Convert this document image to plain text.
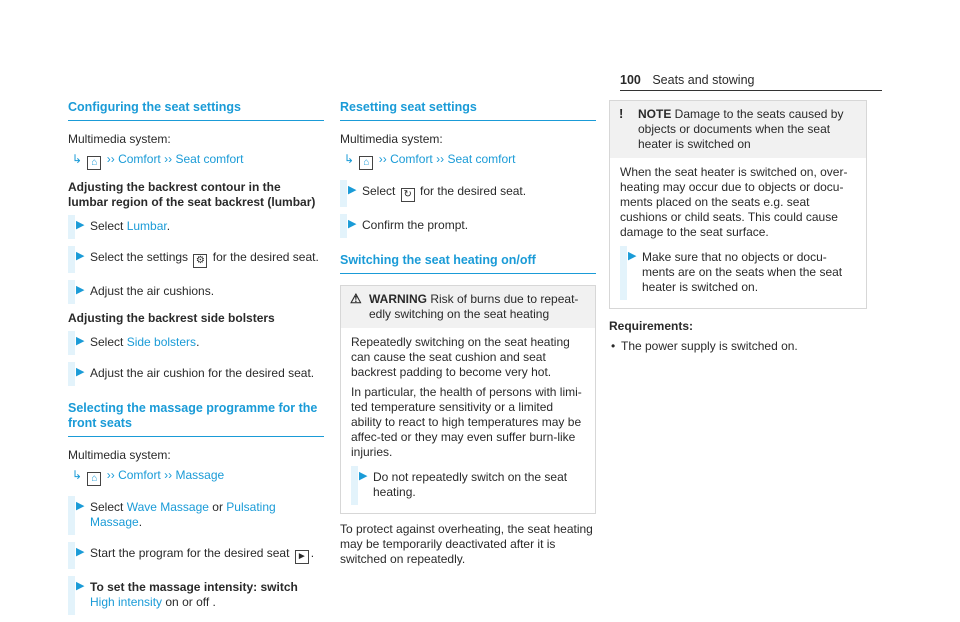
100 Seats and stowing
Configuring the seat settings
Multimedia system:
↳ ⌂ ›› Comfort ›› Seat comfort
Adjusting the backrest contour in the lumbar region of the seat backrest (lumbar)
▶ Select Lumbar.
▶ Select the settings ⚙ for the desired seat.
▶ Adjust the air cushions.
Adjusting the backrest side bolsters
▶ Select Side bolsters.
▶ Adjust the air cushion for the desired seat.
Selecting the massage programme for the front seats
Multimedia system:
↳ ⌂ ›› Comfort ›› Massage
▶ Select Wave Massage or Pulsating Massage.
▶ Start the program for the desired seat ► .
▶ To set the massage intensity: switch High intensity on or off .
Resetting seat settings
Multimedia system:
↳ ⌂ ›› Comfort ›› Seat comfort
▶ Select ↻ for the desired seat.
▶ Confirm the prompt.
Switching the seat heating on/off
⚠ WARNING Risk of burns due to repeat-edly switching on the seat heating
Repeatedly switching on the seat heating can cause the seat cushion and seat backrest padding to become very hot.
In particular, the health of persons with limi-ted temperature sensitivity or a limited ability to react to high temperatures may be affec-ted or they may even suffer burn-like injuries.
▶ Do not repeatedly switch on the seat heating.
To protect against overheating, the seat heating may be temporarily deactivated after it is switched on repeatedly.
! NOTE Damage to the seats caused by objects or documents when the seat heater is switched on
When the seat heater is switched on, over-heating may occur due to objects or docu-ments placed on the seats e.g. seat cushions or child seats. This could cause damage to the seat surface.
▶ Make sure that no objects or docu-ments are on the seats when the seat heater is switched on.
Requirements:
• The power supply is switched on.
